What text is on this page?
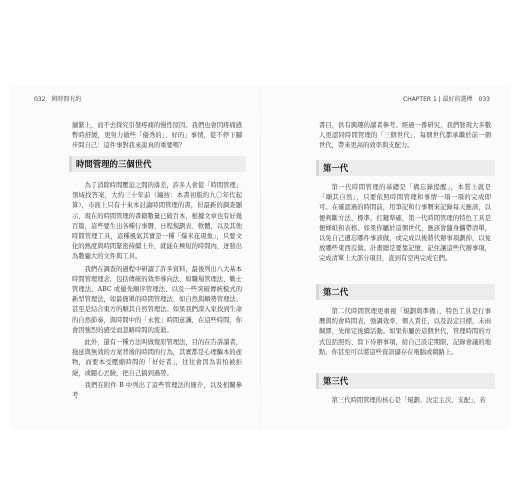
032 與時間有約

繃緊上，而不去探究引發疼痛的慢性原因。我們也會因疼痛感暫時舒緩，更努力做些「優秀的」、好的」事情，從不停下腳步問自己：這件事對我來說真的重要嗎？

時間管理的三個世代

為了消除時間壓迫之間的落差，許多人會從「時間管理」領域找答案，大約三十年前（編按：本書初版約九〇年代起算），市面上只有十來本討論時間管理的書，但最新的調查顯示，現在的時間管理的書籍數量已破百本，根據文章也有好幾百篇，這些要生出各種行事曆、日程規劃表、軟體，以及其他時間管理工具，這種風氣其實是一種「爆米花現象」，只要文化的熱度與時間緊密持續上升，就能在極短的時間內，迸發出為數龐大的文件與工具。

我們在調查的過程中研讀了許多資料，最後列出八大基本時間管理理念，包括傳統的效率導向法、如職場管理法、戰士管理法、ABC 或優先順序管理法、以及一些突破傳統模式的新型管理法，如最簡單的時間管理法、如自然與順勢管理法、甚至是結合東方的順其自然管理法。如果我們深入家找到生命的自然節奏，與時間中的「永恆」時間意識，在這些時間，你會因強烈的感受而忽略時間的流逝。

此外，還有一種方法叫做復原管理法，目的在告訴讀者，拖延與無效的方案背後的時間的行為，其實都是心理驅本的產物，而要本受壓縮時間的「好好者」，往往會因為害怕被拒絕，或聽心丟臉，把自己搞到過勞。

我們在附件 B 中列出了這些管理法的簡介，以及相關參考

CHAPTER 1 | 最好的選擇 033

書目，供有興趣的讀者參考。經過一番研究，我們發現大多數人更認同時間管理的「三個世代」，每個世代都承繼於前一個世代，帶來更高的效率與支配力。

第一代

第一代時間管理的基礎是「備忘錄提醒」，本質上就是「順其自然」，只要依照時間管理和事情一項一項的完成即可。在確認過的時間前，用筆記和行事曆來記錄每天應該，以便判斷方法、標準，打鍵準確，第一代時間管理的特色工具是便條紙和表格。如果你屬於這個世代，應該會隨身攜帶清單，以免自己遺忘哪件事該做，或完成以後將代辦事項劃掉，以免放哪些東西沒做。計畫總是要靠記憶、記住讓這些代辦事項，完成清單上大部分項目，直到有空再完成它們。

第二代

第二代時間管理更重視「規劃與準備」，特色工具是行事曆與約會時間表，強調效率、個人責任，以及設定目標，未雨綢繆，先排定後續活動。如果你屬於這個世代，管理時間的方式包括照約、寫下待辦事項，給自己設定期限，記錄會議的地點，你甚至可以將這些資訊儲存在電腦或網路上。

第三代

第三代時間管理的核心是「規劃、決定主次、支配」，若
